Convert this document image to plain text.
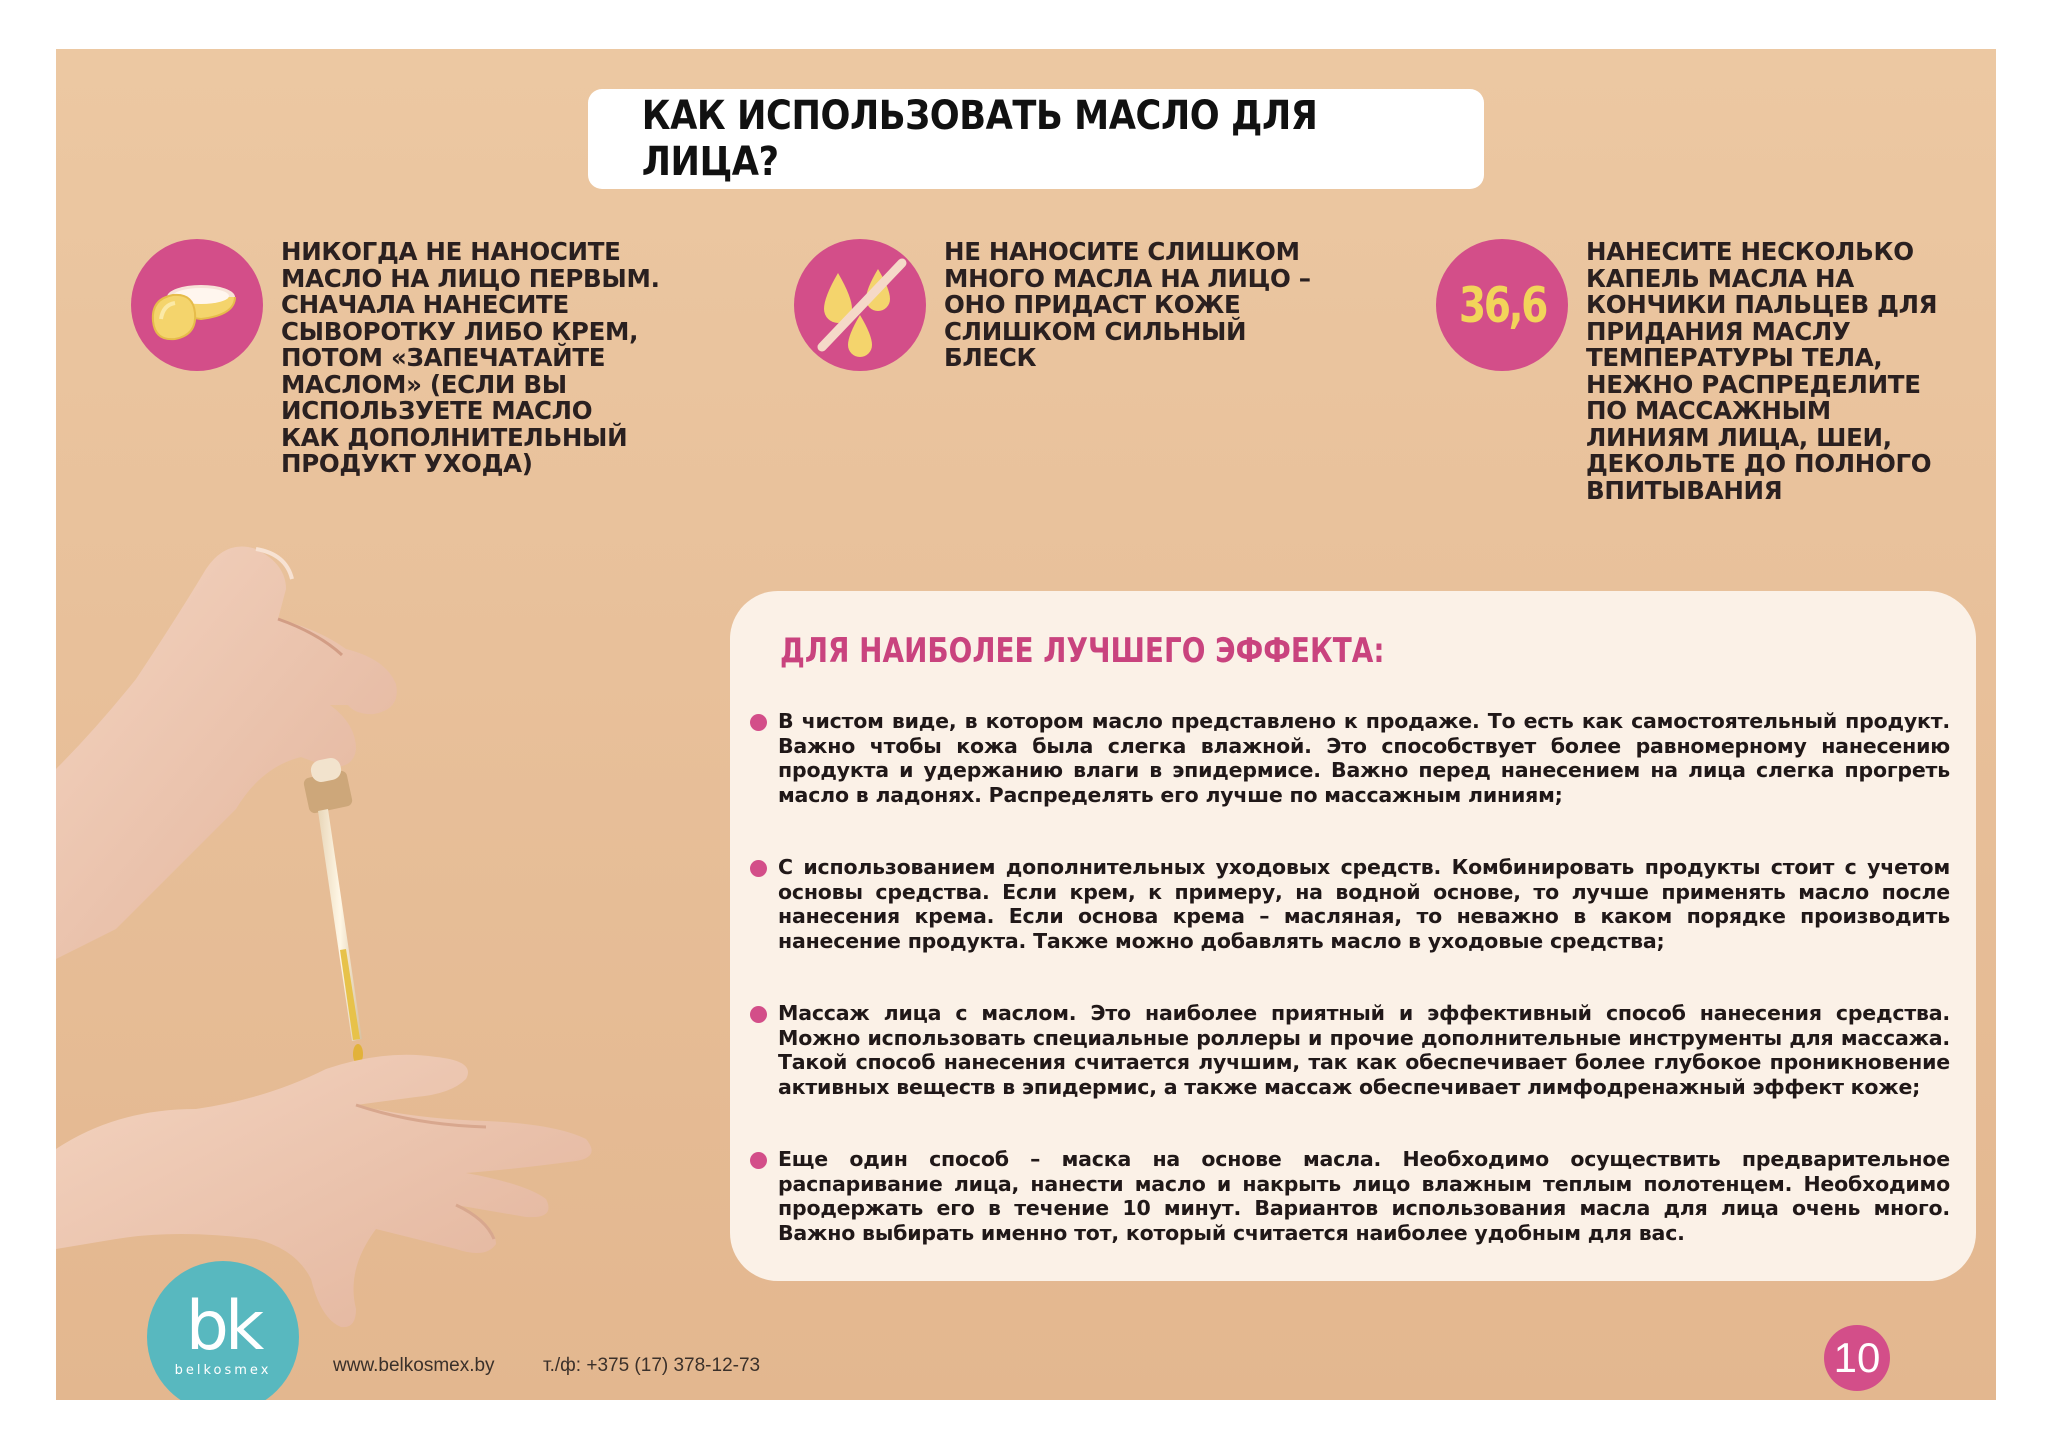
КАК ИСПОЛЬЗОВАТЬ МАСЛО ДЛЯ ЛИЦА?
НИКОГДА НЕ НАНОСИТЕ
МАСЛО НА ЛИЦО ПЕРВЫМ.
СНАЧАЛА НАНЕСИТЕ
СЫВОРОТКУ ЛИБО КРЕМ,
ПОТОМ «ЗАПЕЧАТАЙТЕ
МАСЛОМ» (ЕСЛИ ВЫ
ИСПОЛЬЗУЕТЕ МАСЛО
КАК ДОПОЛНИТЕЛЬНЫЙ
ПРОДУКТ УХОДА)
НЕ НАНОСИТЕ СЛИШКОМ
МНОГО МАСЛА НА ЛИЦО –
ОНО ПРИДАСТ КОЖЕ
СЛИШКОМ СИЛЬНЫЙ
БЛЕСК
36,6
НАНЕСИТЕ НЕСКОЛЬКО
КАПЕЛЬ МАСЛА НА
КОНЧИКИ ПАЛЬЦЕВ ДЛЯ
ПРИДАНИЯ МАСЛУ
ТЕМПЕРАТУРЫ ТЕЛА,
НЕЖНО РАСПРЕДЕЛИТЕ
ПО МАССАЖНЫМ
ЛИНИЯМ ЛИЦА, ШЕИ,
ДЕКОЛЬТЕ ДО ПОЛНОГО
ВПИТЫВАНИЯ
ДЛЯ НАИБОЛЕЕ ЛУЧШЕГО ЭФФЕКТА:
В чистом виде, в котором масло представлено к продаже. То есть как самостоятельный продукт. Важно чтобы кожа была слегка влажной. Это способствует более равномерному нанесению продукта и удержанию влаги в эпидермисе. Важно перед нанесением на лица слегка прогреть масло в ладонях. Распределять его лучше по массажным линиям;
С использованием дополнительных уходовых средств. Комбинировать продукты стоит с учетом основы средства. Если крем, к примеру, на водной основе, то лучше применять масло после нанесения крема. Если основа крема – масляная, то неважно в каком порядке производить нанесение продукта. Также можно добавлять масло в уходовые средства;
Массаж лица с маслом. Это наиболее приятный и эффективный способ нанесения средства. Можно использовать специальные роллеры и прочие дополнительные инструменты для массажа. Такой способ нанесения считается лучшим, так как обеспечивает более глубокое проникновение активных веществ в эпидермис, а также массаж обеспечивает лимфодренажный эффект коже;
Еще один способ – маска на основе масла. Необходимо осуществить предварительное распаривание лица, нанести масло и накрыть лицо влажным теплым полотенцем. Необходимо продержать его в течение 10 минут. Вариантов использования масла для лица очень много. Важно выбирать именно тот, который считается наиболее удобным для вас.
bk
belkosmex	www.belkosmex.by	т./ф: +375 (17) 378-12-73	10
